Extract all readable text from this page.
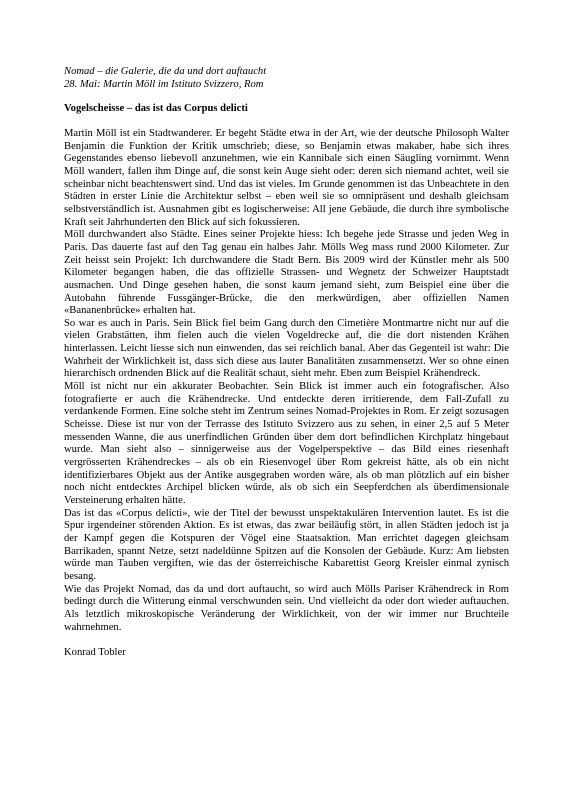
Nomad – die Galerie, die da und dort auftaucht

28. Mai: Martin Möll im Istituto Svizzero, Rom

Vogelscheisse – das ist das Corpus delicti

Martin Möll ist ein Stadtwanderer. Er begeht Städte etwa in der Art, wie der deutsche Philosoph Walter Benjamin die Funktion der Kritik umschrieb; diese, so Benjamin etwas makaber, habe sich ihres Gegenstandes ebenso liebevoll anzunehmen, wie ein Kannibale sich einen Säugling vornimmt. Wenn Möll wandert, fallen ihm Dinge auf, die sonst kein Auge sieht oder: deren sich niemand achtet, weil sie scheinbar nicht beachtenswert sind. Und das ist vieles. Im Grunde genommen ist das Unbeachtete in den Städten in erster Linie die Architektur selbst – eben weil sie so omnipräsent und deshalb gleichsam selbstverständlich ist. Ausnahmen gibt es logischerweise: All jene Gebäude, die durch ihre symbolische Kraft seit Jahrhunderten den Blick auf sich fokussieren.

Möll durchwandert also Städte. Eines seiner Projekte hiess: Ich begehe jede Strasse und jeden Weg in Paris. Das dauerte fast auf den Tag genau ein halbes Jahr. Mölls Weg mass rund 2000 Kilometer. Zur Zeit heisst sein Projekt: Ich durchwandere die Stadt Bern. Bis 2009 wird der Künstler mehr als 500 Kilometer begangen haben, die das offizielle Strassen- und Wegnetz der Schweizer Hauptstadt ausmachen. Und Dinge gesehen haben, die sonst kaum jemand sieht, zum Beispiel eine über die Autobahn führende Fussgänger-Brücke, die den merkwürdigen, aber offiziellen Namen «Bananenbrücke» erhalten hat.

So war es auch in Paris. Sein Blick fiel beim Gang durch den Cimetière Montmartre nicht nur auf die vielen Grabstätten, ihm fielen auch die vielen Vogeldrecke auf, die die dort nistenden Krähen hinterlassen. Leicht liesse sich nun einwenden, das sei reichlich banal. Aber das Gegenteil ist wahr: Die Wahrheit der Wirklichkeit ist, dass sich diese aus lauter Banalitäten zusammensetzt. Wer so ohne einen hierarchisch ordnenden Blick auf die Realität schaut, sieht mehr. Eben zum Beispiel Krähendreck.

Möll ist nicht nur ein akkurater Beobachter. Sein Blick ist immer auch ein fotografischer. Also fotografierte er auch die Krähendrecke. Und entdeckte deren irritierende, dem Fall-Zufall zu verdankende Formen. Eine solche steht im Zentrum seines Nomad-Projektes in Rom. Er zeigt sozusagen Scheisse. Diese ist nur von der Terrasse des Istituto Svizzero aus zu sehen, in einer 2,5 auf 5 Meter messenden Wanne, die aus unerfindlichen Gründen über dem dort befindlichen Kirchplatz hingebaut wurde. Man sieht also – sinnigerweise aus der Vogelperspektive – das Bild eines riesenhaft vergrösserten Krähendreckes – als ob ein Riesenvogel über Rom gekreist hätte, als ob ein nicht identifizierbares Objekt aus der Antike ausgegraben worden wäre, als ob man plötzlich auf ein bisher noch nicht entdecktes Archipel blicken würde, als ob sich ein Seepferdchen als überdimensionale Versteinerung erhalten hätte.

Das ist das «Corpus delicti», wie der Titel der bewusst unspektakulären Intervention lautet. Es ist die Spur irgendeiner störenden Aktion. Es ist etwas, das zwar beiläufig stört, in allen Städten jedoch ist ja der Kampf gegen die Kotspuren der Vögel eine Staatsaktion. Man errichtet dagegen gleichsam Barrikaden, spannt Netze, setzt nadeldünne Spitzen auf die Konsolen der Gebäude. Kurz: Am liebsten würde man Tauben vergiften, wie das der österreichische Kabarettist Georg Kreisler einmal zynisch besang.

Wie das Projekt Nomad, das da und dort auftaucht, so wird auch Mölls Pariser Krähendreck in Rom bedingt durch die Witterung einmal verschwunden sein. Und vielleicht da oder dort wieder auftauchen. Als letztlich mikroskopische Veränderung der Wirklichkeit, von der wir immer nur Bruchteile wahrnehmen.

Konrad Tobler
